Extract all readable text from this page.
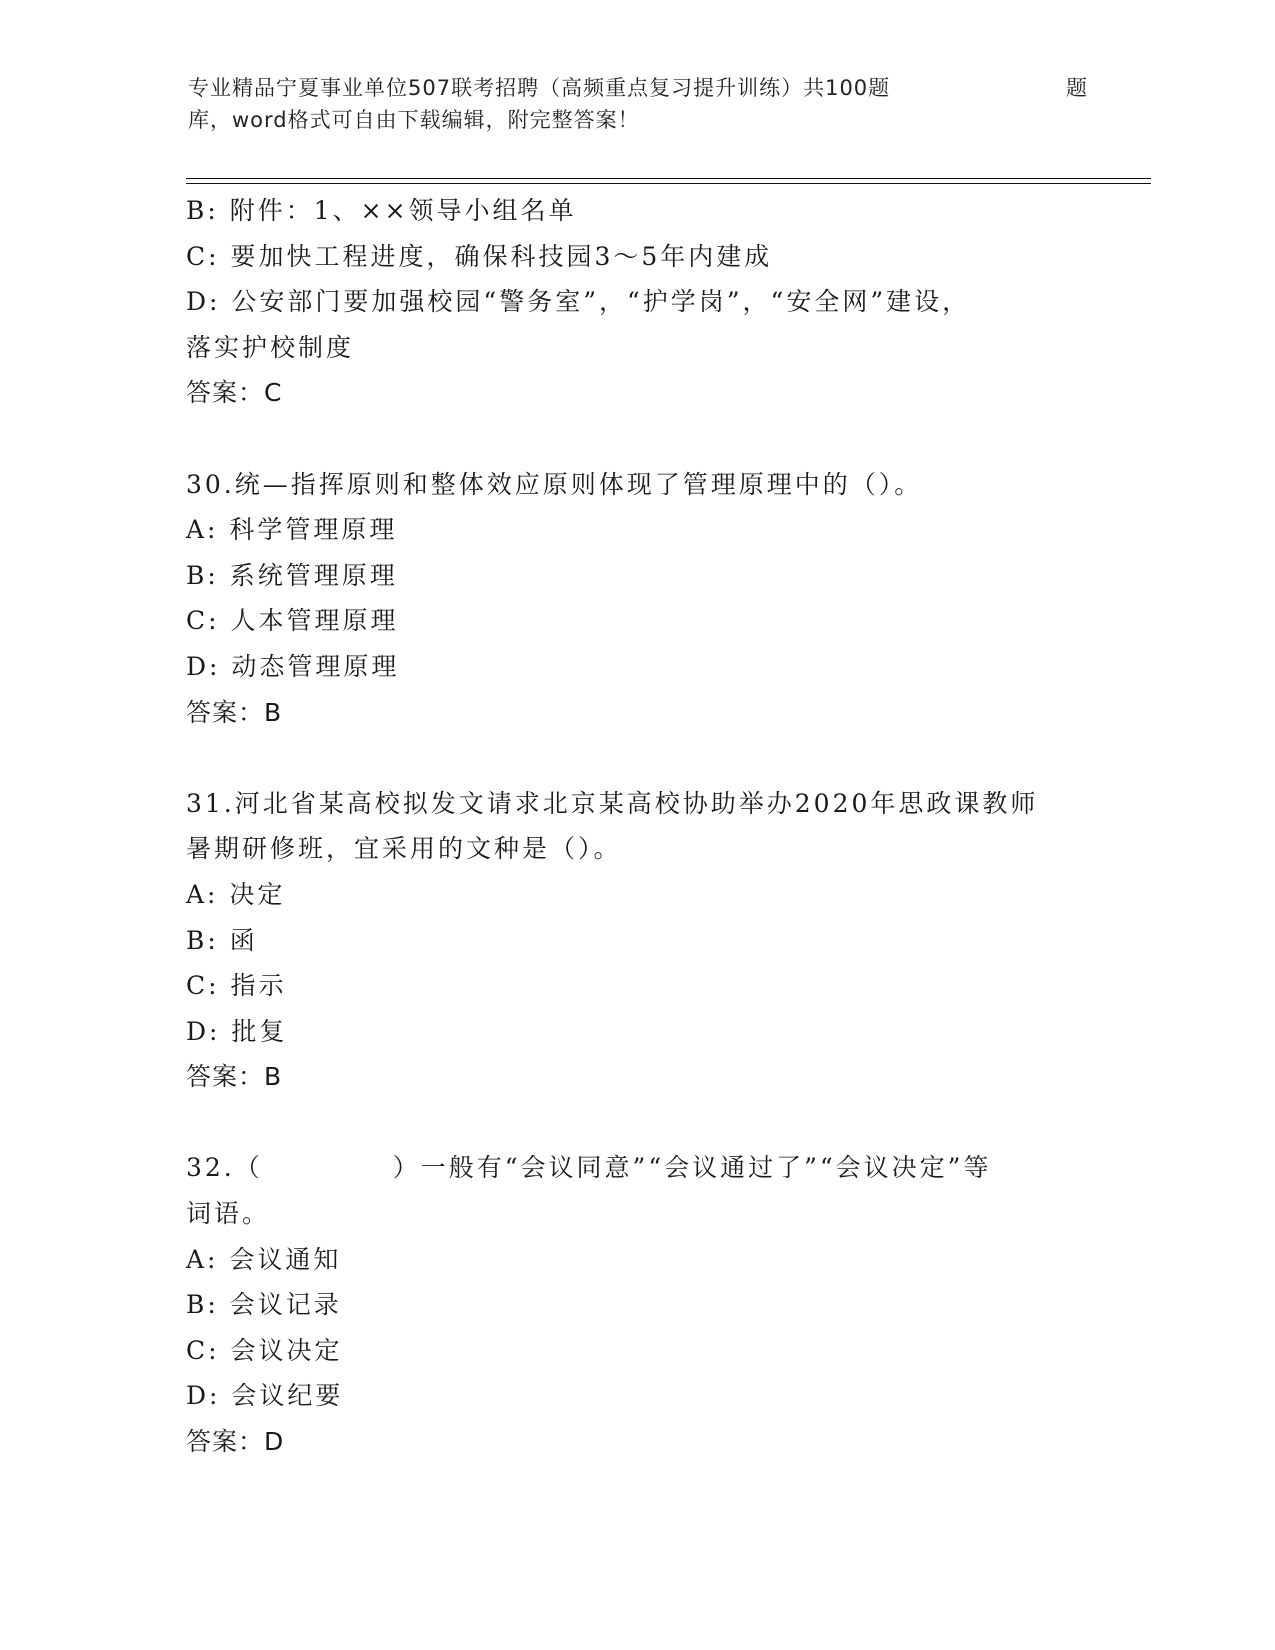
专业精品宁夏事业单位507联考招聘（高频重点复习提升训练）共100题	题
库，word格式可自由下载编辑，附完整答案！

B: 附件：1、××领导小组名单

C: 要加快工程进度，确保科技园3～5年内建成

D: 公安部门要加强校园“警务室”，“护学岗”，“安全网”建设，

落实护校制度

答案：C

30.统—指挥原则和整体效应原则体现了管理原理中的（）。

A: 科学管理原理

B: 系统管理原理

C: 人本管理原理

D: 动态管理原理

答案：B

31.河北省某高校拟发文请求北京某高校协助举办2020年思政课教师

暑期研修班，宜采用的文种是（）。

A: 决定

B: 函

C: 指示

D: 批复

答案：B

32.（	）一般有“会议同意”“会议通过了”“会议决定”等

词语。

A: 会议通知

B: 会议记录

C: 会议决定

D: 会议纪要

答案：D
